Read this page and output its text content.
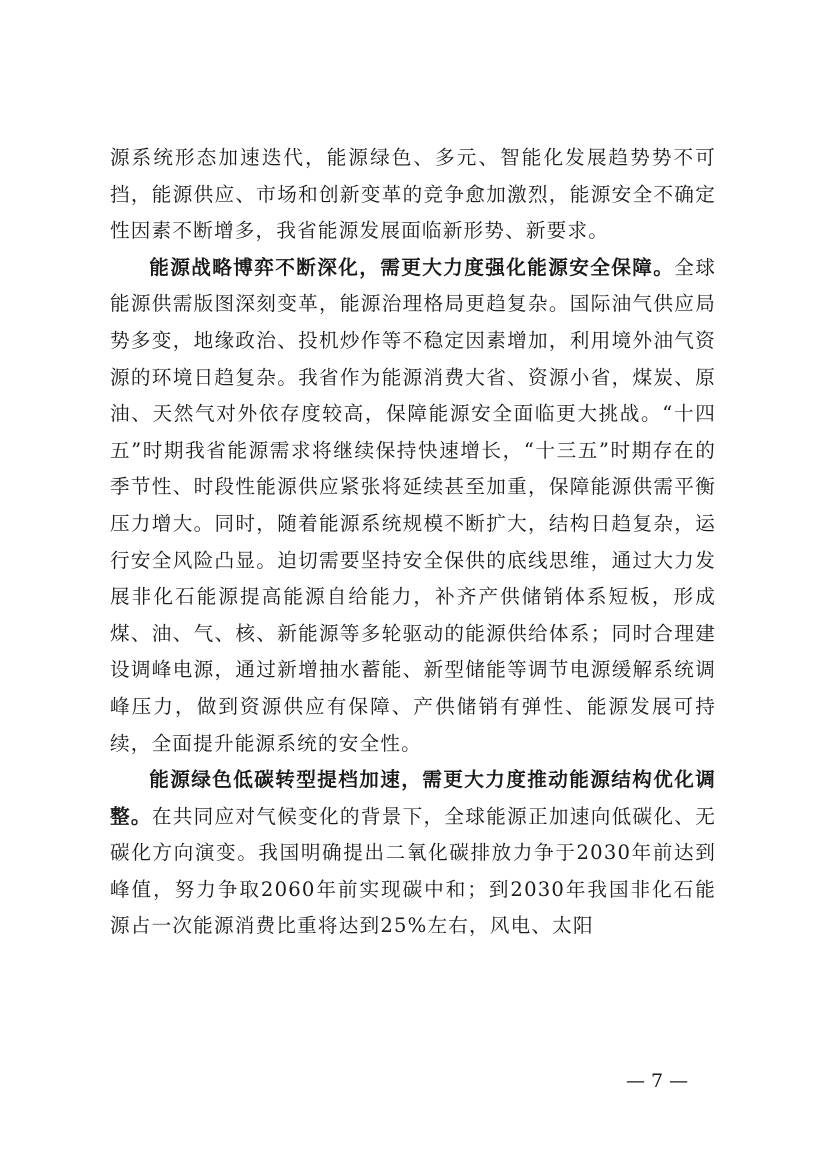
源系统形态加速迭代，能源绿色、多元、智能化发展趋势势不可挡，能源供应、市场和创新变革的竞争愈加激烈，能源安全不确定性因素不断增多，我省能源发展面临新形势、新要求。

能源战略博弈不断深化，需更大力度强化能源安全保障。全球能源供需版图深刻变革，能源治理格局更趋复杂。国际油气供应局势多变，地缘政治、投机炒作等不稳定因素增加，利用境外油气资源的环境日趋复杂。我省作为能源消费大省、资源小省，煤炭、原油、天然气对外依存度较高，保障能源安全面临更大挑战。“十四五”时期我省能源需求将继续保持快速增长，“十三五”时期存在的季节性、时段性能源供应紧张将延续甚至加重，保障能源供需平衡压力增大。同时，随着能源系统规模不断扩大，结构日趋复杂，运行安全风险凸显。迫切需要坚持安全保供的底线思维，通过大力发展非化石能源提高能源自给能力，补齐产供储销体系短板，形成煤、油、气、核、新能源等多轮驱动的能源供给体系；同时合理建设调峰电源，通过新增抽水蓄能、新型储能等调节电源缓解系统调峰压力，做到资源供应有保障、产供储销有弹性、能源发展可持续，全面提升能源系统的安全性。

能源绿色低碳转型提档加速，需更大力度推动能源结构优化调整。在共同应对气候变化的背景下，全球能源正加速向低碳化、无碳化方向演变。我国明确提出二氧化碳排放力争于2030年前达到峰值，努力争取2060年前实现碳中和；到2030年我国非化石能源占一次能源消费比重将达到25%左右，风电、太阳

— 7 —
